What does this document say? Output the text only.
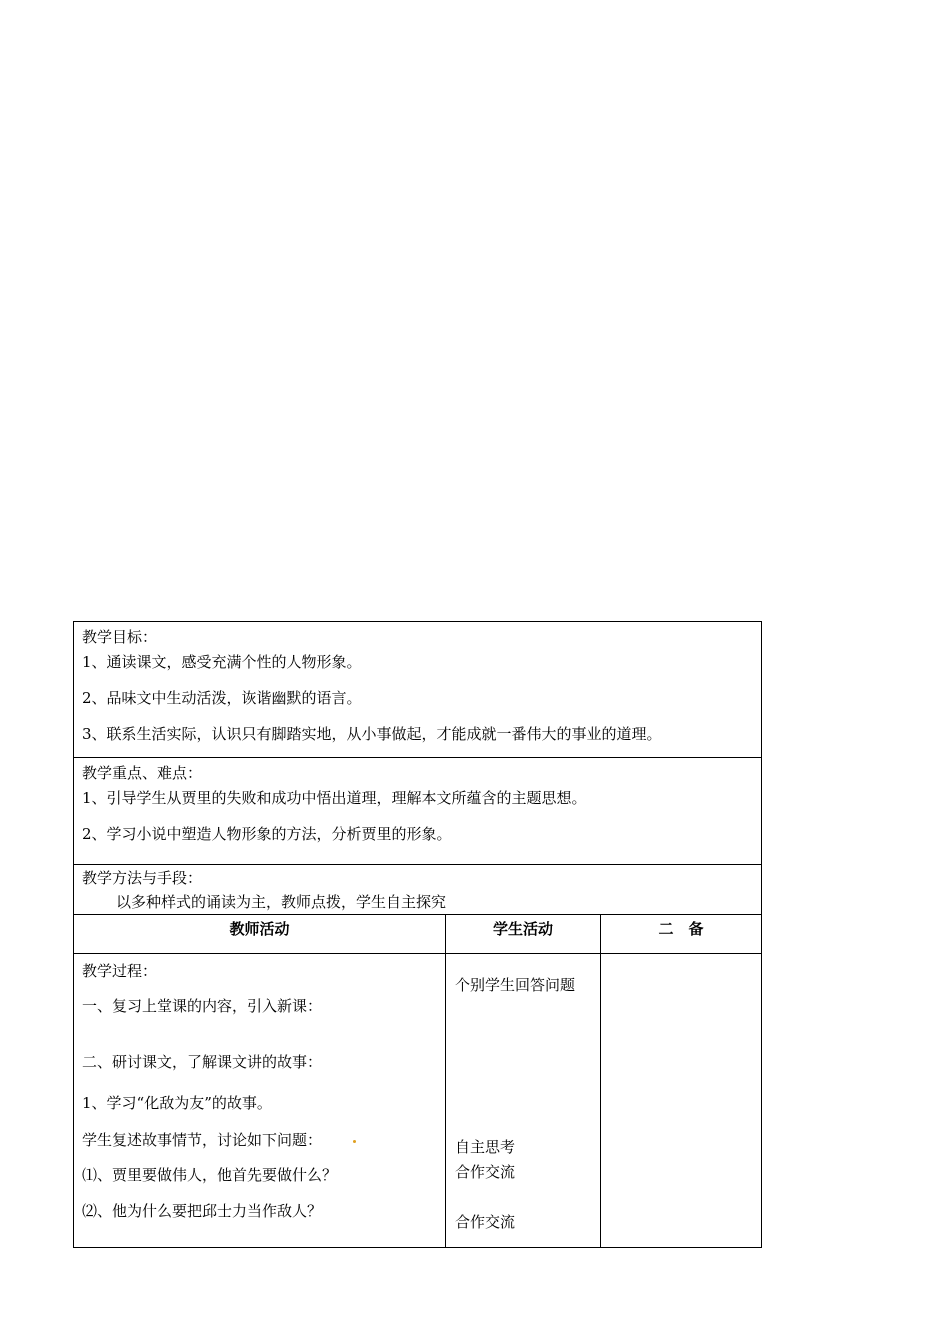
教学目标：
1、通读课文，感受充满个性的人物形象。
2、品味文中生动活泼，诙谐幽默的语言。
3、联系生活实际，认识只有脚踏实地，从小事做起，才能成就一番伟大的事业的道理。
教学重点、难点：
1、引导学生从贾里的失败和成功中悟出道理，理解本文所蕴含的主题思想。
2、学习小说中塑造人物形象的方法，分析贾里的形象。
教学方法与手段：
以多种样式的诵读为主，教师点拨，学生自主探究
教师活动	学生活动	二　备
教学过程：
一、复习上堂课的内容，引入新课：
二、研讨课文，了解课文讲的故事：
1、学习“化敌为友”的故事。
学生复述故事情节，讨论如下问题：
⑴、贾里要做伟人，他首先要做什么？
⑵、他为什么要把邱士力当作敌人？
个别学生回答问题
自主思考
合作交流
合作交流
